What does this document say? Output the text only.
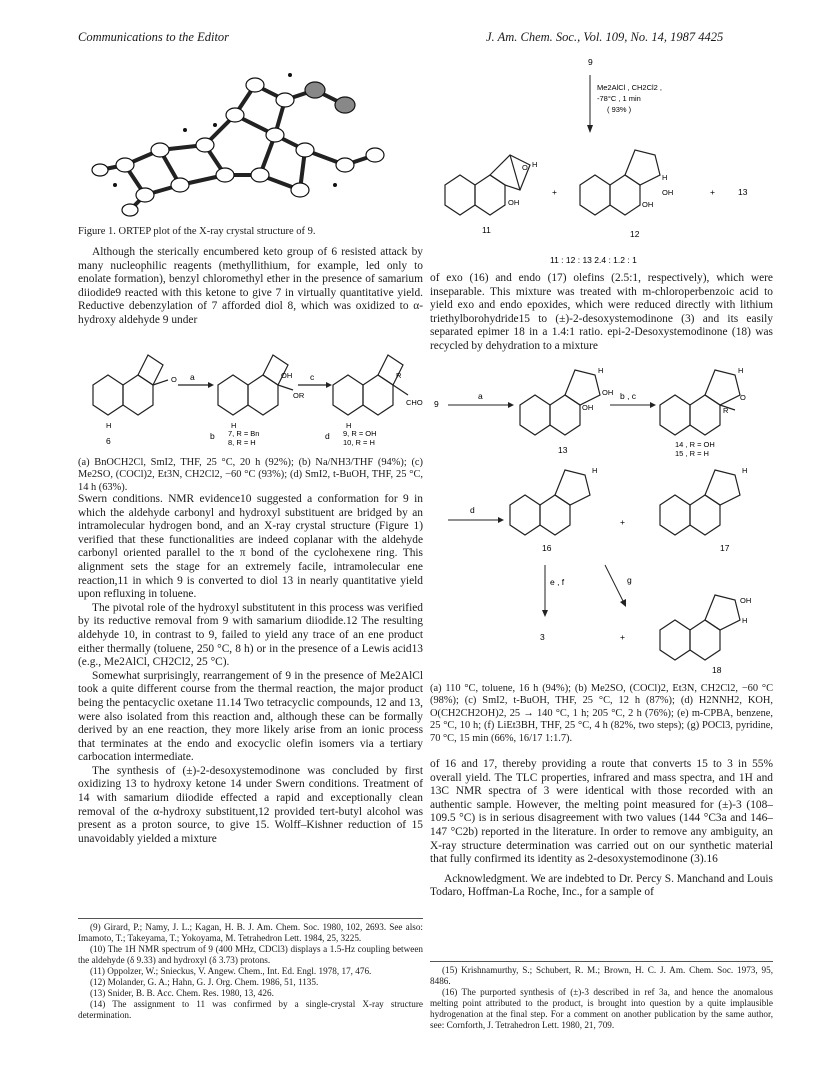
Communications to the Editor	J. Am. Chem. Soc., Vol. 109, No. 14, 1987 4425
Figure 1. ORTEP plot of the X-ray crystal structure of 9.

Although the sterically encumbered keto group of 6 resisted attack by many nucleophilic reagents (methyllithium, for example, led only to enolate formation), benzyl chloromethyl ether in the presence of samarium diiodide9 reacted with this ketone to give 7 in virtually quantitative yield. Reductive debenzylation of 7 afforded diol 8, which was oxidized to α-hydroxy aldehyde 9 under

O	OH
OR
R
CHO
H	H	H
a	c
6	b 7, R = Bn
8, R = H
d 9, R = OH
10, R = H
(a) BnOCH2Cl, SmI2, THF, 25 °C, 20 h (92%); (b) Na/NH3/THF (94%); (c) Me2SO, (COCl)2, Et3N, CH2Cl2, −60 °C (93%); (d) SmI2, t-BuOH, THF, 25 °C, 14 h (63%).

Swern conditions. NMR evidence10 suggested a conformation for 9 in which the aldehyde carbonyl and hydroxyl substituent are bridged by an intramolecular hydrogen bond, and an X-ray crystal structure (Figure 1) verified that these functionalities are indeed coplanar with the aldehyde carbonyl oriented parallel to the π bond of the cyclohexene ring. This alignment sets the stage for an extremely facile, intramolecular ene reaction,11 in which 9 is converted to diol 13 in nearly quantitative yield upon refluxing in toluene.

The pivotal role of the hydroxyl substitutent in this process was verified by its reductive removal from 9 with samarium diiodide.12 The resulting aldehyde 10, in contrast to 9, failed to yield any trace of an ene product either thermally (toluene, 250 °C, 8 h) or in the presence of a Lewis acid13 (e.g., Me2AlCl, CH2Cl2, 25 °C).

Somewhat surprisingly, rearrangement of 9 in the presence of Me2AlCl took a quite different course from the thermal reaction, the major product being the pentacyclic oxetane 11.14 Two tetracyclic compounds, 12 and 13, were also isolated from this reaction and, although these can be formally derived by an ene reaction, they more likely arise from an ionic process that terminates at the endo and exocyclic olefin isomers via a tertiary carbocation intermediate.

The synthesis of (±)-2-desoxystemodinone was concluded by first oxidizing 13 to hydroxy ketone 14 under Swern conditions. Treatment of 14 with samarium diiodide effected a rapid and exceptionally clean removal of the α-hydroxy substituent,12 provided tert-butyl alcohol was present as a proton source, to give 15. Wolff–Kishner reduction of 15 unavoidably yielded a mixture

(9) Girard, P.; Namy, J. L.; Kagan, H. B. J. Am. Chem. Soc. 1980, 102, 2693. See also: Imamoto, T.; Takeyama, T.; Yokoyama, M. Tetrahedron Lett. 1984, 25, 3225.

(10) The 1H NMR spectrum of 9 (400 MHz, CDCl3) displays a 1.5-Hz coupling between the aldehyde (δ 9.33) and hydroxyl (δ 3.73) protons.

(11) Oppolzer, W.; Snieckus, V. Angew. Chem., Int. Ed. Engl. 1978, 17, 476.

(12) Molander, G. A.; Hahn, G. J. Org. Chem. 1986, 51, 1135.

(13) Snider, B. B. Acc. Chem. Res. 1980, 13, 426.

(14) The assignment to 11 was confirmed by a single-crystal X-ray structure determination.

9
Me2AlCl , CH2Cl2 ,
-78°C , 1 min
( 93% )
O H
OH
H
OH
OH
+	+	13
11	12
11 : 12 : 13 2.4 : 1.2 : 1

of exo (16) and endo (17) olefins (2.5:1, respectively), which were inseparable. This mixture was treated with m-chloroperbenzoic acid to yield exo and endo epoxides, which were reduced directly with lithium triethylborohydride15 to (±)-2-desoxystemodinone (3) and its easily separated epimer 18 in a 1.4:1 ratio. epi-2-Desoxystemodinone (18) was recycled by dehydration to a mixture

9
a	b , c
OH
OH
H	H
R
O
13
14 , R = OH
15 , R = H
d
+
H	H
16	17
e , f	g
3	+
OH
H
18
(a) 110 °C, toluene, 16 h (94%); (b) Me2SO, (COCl)2, Et3N, CH2Cl2, −60 °C (98%); (c) SmI2, t-BuOH, THF, 25 °C, 12 h (87%); (d) H2NNH2, KOH, O(CH2CH2OH)2, 25 → 140 °C, 1 h; 205 °C, 2 h (76%); (e) m-CPBA, benzene, 25 °C, 10 h; (f) LiEt3BH, THF, 25 °C, 4 h (82%, two steps); (g) POCl3, pyridine, 70 °C, 15 min (66%, 16/17 1:1.7).

of 16 and 17, thereby providing a route that converts 15 to 3 in 55% overall yield. The TLC properties, infrared and mass spectra, and 1H and 13C NMR spectra of 3 were identical with those recorded with an authentic sample. However, the melting point measured for (±)-3 (108–109.5 °C) is in serious disagreement with two values (144 °C3a and 146–147 °C2b) reported in the literature. In order to remove any ambiguity, an X-ray structure determination was carried out on our synthetic material that fully confirmed its identity as 2-desoxystemodinone (3).16

Acknowledgment. We are indebted to Dr. Percy S. Manchand and Louis Todaro, Hoffman-La Roche, Inc., for a sample of

(15) Krishnamurthy, S.; Schubert, R. M.; Brown, H. C. J. Am. Chem. Soc. 1973, 95, 8486.

(16) The purported synthesis of (±)-3 described in ref 3a, and hence the anomalous melting point attributed to the product, is brought into question by a quite implausible hydrogenation at the final step. For a comment on another publication by the same author, see: Cornforth, J. Tetrahedron Lett. 1980, 21, 709.
